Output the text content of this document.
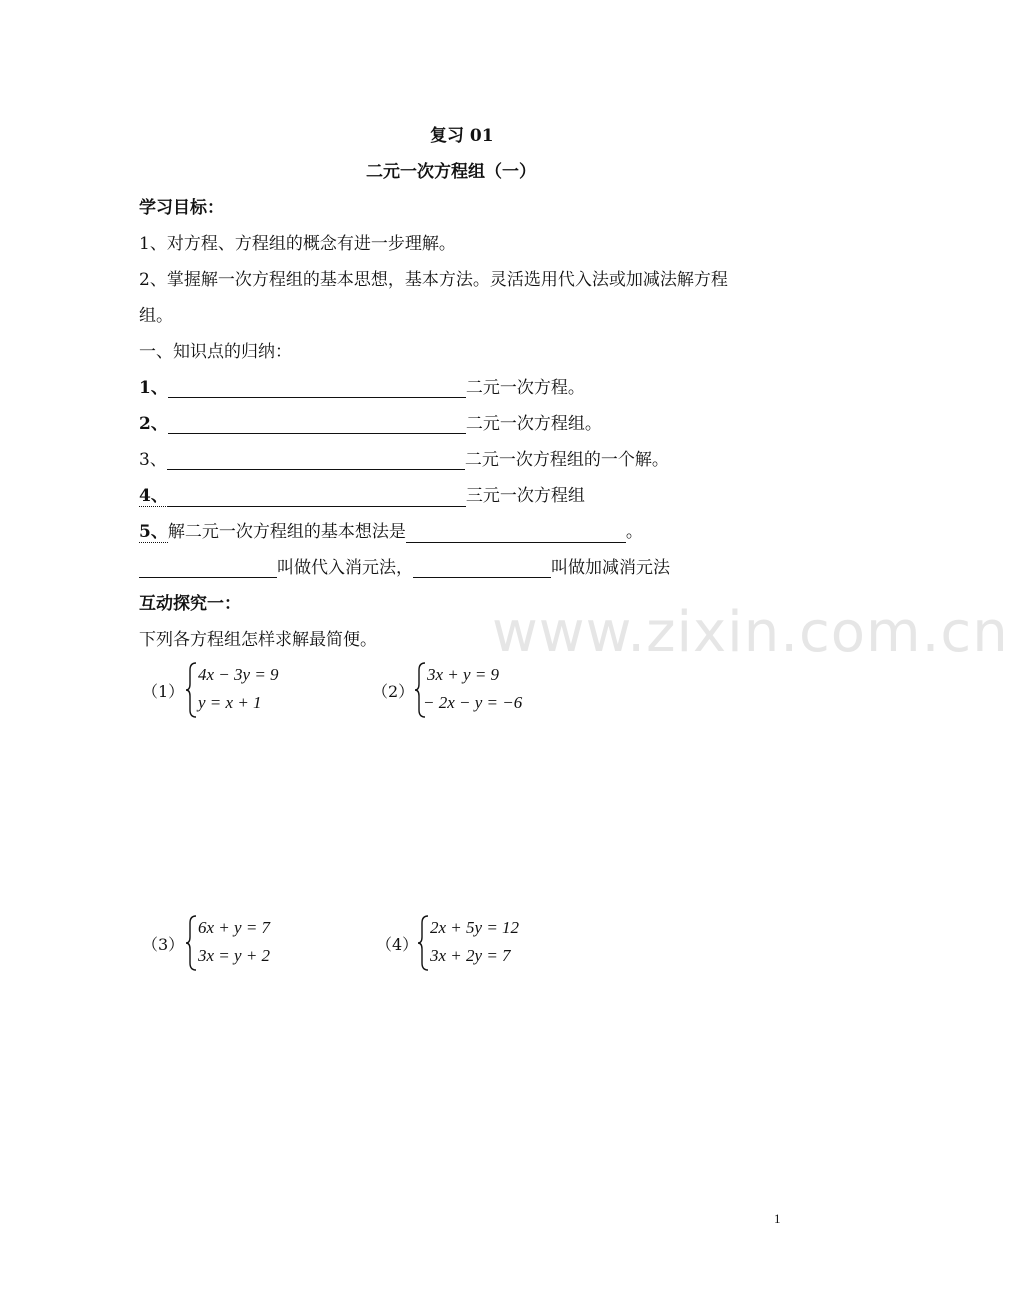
www.zixin.com.cn
复习 01
二元一次方程组（一）
学习目标：
1、对方程、方程组的概念有进一步理解。
2、掌握解一次方程组的基本思想，基本方法。灵活选用代入法或加减法解方程
组。
一、知识点的归纳：
1、	二元一次方程。
2、	二元一次方程组。
3、	二元一次方程组的一个解。
4、	三元一次方程组
5、解二元一次方程组的基本想法是	。
叫做代入消元法，	叫做加减消元法
互动探究一：
下列各方程组怎样求解最简便。
（1）
4x − 3y = 9
y = x + 1
（2）
3x + y = 9
− 2x − y = −6
（3）
6x + y = 7
3x = y + 2
（4）
2x + 5y = 12
3x + 2y = 7
1
